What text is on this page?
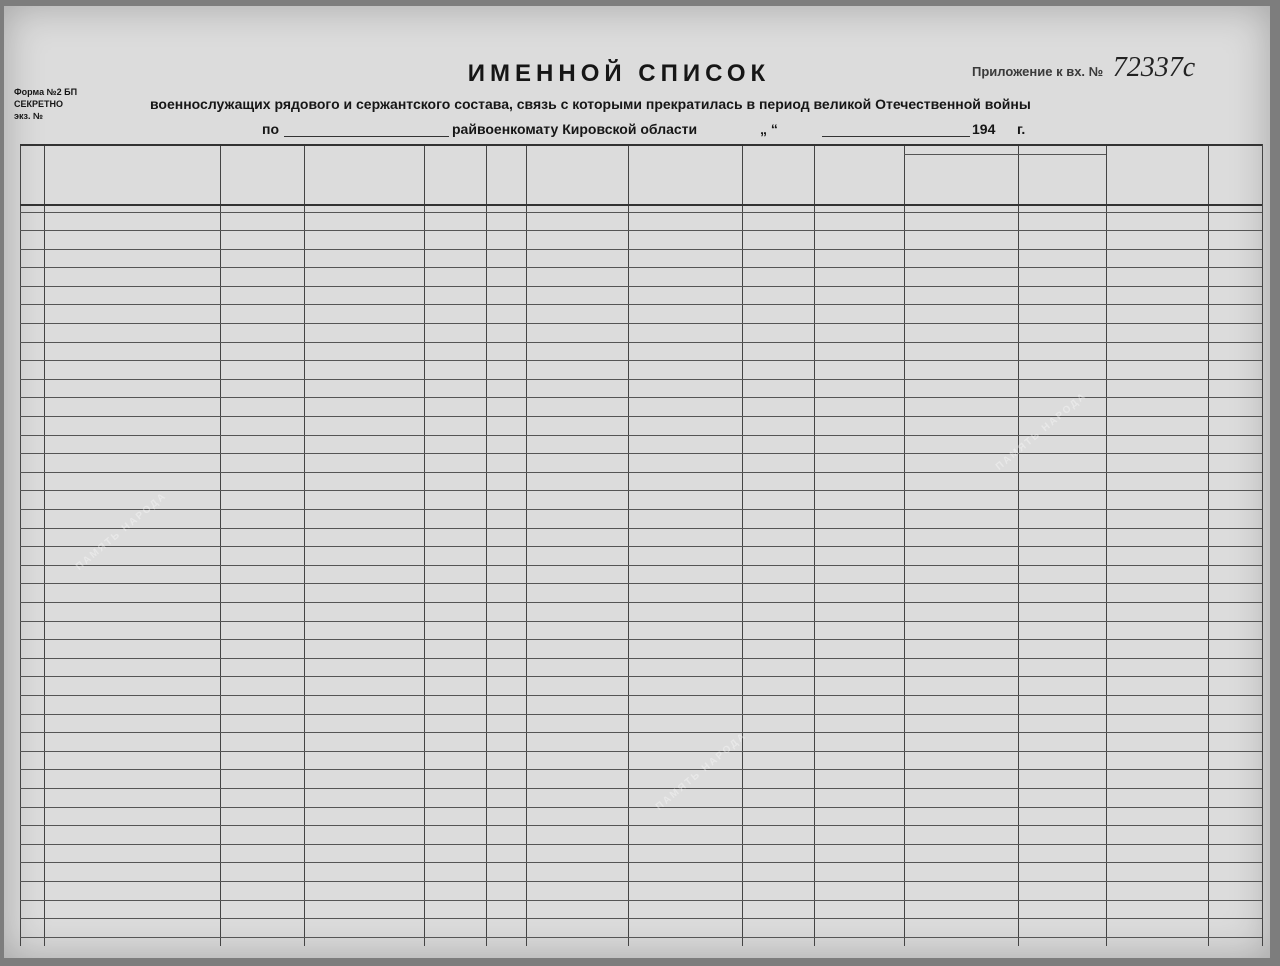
Форма №2 БП
СЕКРЕТНО
экз. №
Приложение к вх. № 72337с
ИМЕННОЙ СПИСОК
военнослужащих рядового и сержантского состава, связь с которыми прекратилась в период великой Отечественной войны
по	райвоенкомату Кировской области	„ “	194 г.
ПАМЯТЬ НАРОДА
ПАМЯТЬ НАРОДА
ПАМЯТЬ НАРОДА
